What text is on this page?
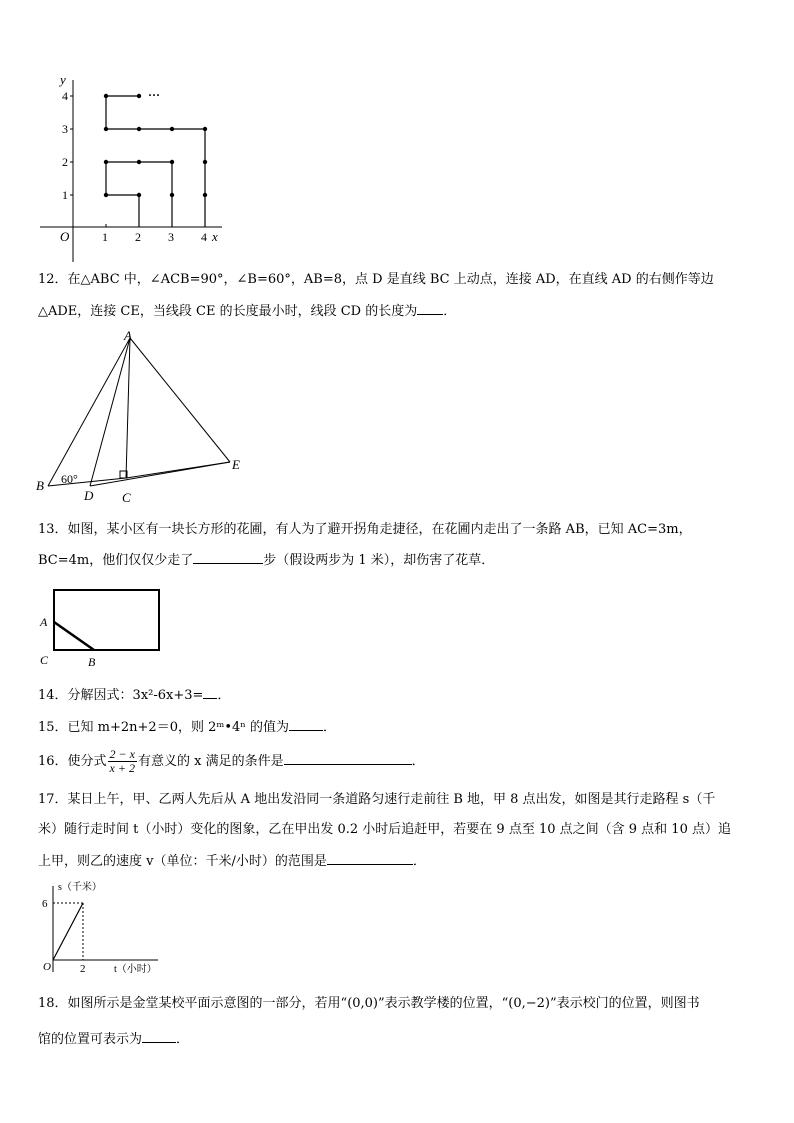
y
x
O	1 2 3 4
1
2
3
4	···
12．在△ABC 中，∠ACB=90°，∠B=60°，AB=8，点 D 是直线 BC 上动点，连接 AD，在直线 AD 的右侧作等边
△ADE，连接 CE，当线段 CE 的长度最小时，线段 CD 的长度为 ．
A
B
D C
E
60°
13．如图，某小区有一块长方形的花圃，有人为了避开拐角走捷径，在花圃内走出了一条路 AB，已知 AC=3m，
BC=4m，他们仅仅少走了	步（假设两步为 1 米），却伤害了花草．
A
C	B
14．分解因式：3x²-6x+3= ．
15．已知 m+2n+2＝0，则 2ᵐ•4ⁿ 的值为	．
16．使分式 $\frac{2 - x}{x + 2}$ 有意义的 x 满足的条件是	．
17．某日上午，甲、乙两人先后从 A 地出发沿同一条道路匀速行走前往 B 地，甲 8 点出发，如图是其行走路程 s（千
米）随行走时间 t（小时）变化的图象，乙在甲出发 0.2 小时后追赶甲，若要在 9 点至 10 点之间（含 9 点和 10 点）追
上甲，则乙的速度 v（单位：千米/小时）的范围是	．
s（千米）
t（小时）
O
6
2
18．如图所示是金堂某校平面示意图的一部分，若用“(0,0)”表示教学楼的位置，“(0,−2)”表示校门的位置，则图书
馆的位置可表示为	．
